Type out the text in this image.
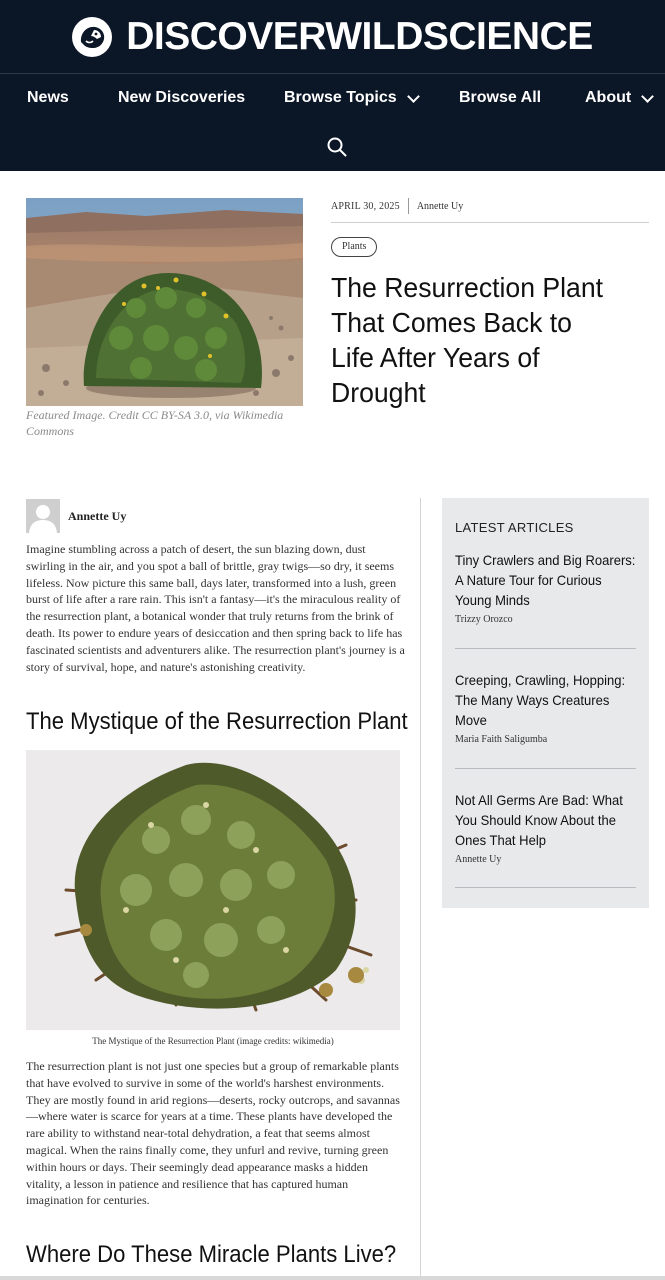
DISCOVERWILDSCIENCE
News	New Discoveries Browse Topics	Browse All	About
Featured Image. Credit CC BY-SA 3.0, via Wikimedia Commons
APRIL 30, 2025 Annette Uy
Plants
The Resurrection Plant That Comes Back to Life After Years of Drought
Annette Uy

Imagine stumbling across a patch of desert, the sun blazing down, dust swirling in the air, and you spot a ball of brittle, gray twigs—so dry, it seems lifeless. Now picture this same ball, days later, transformed into a lush, green burst of life after a rare rain. This isn't a fantasy—it's the miraculous reality of the resurrection plant, a botanical wonder that truly returns from the brink of death. Its power to endure years of desiccation and then spring back to life has fascinated scientists and adventurers alike. The resurrection plant's journey is a story of survival, hope, and nature's astonishing creativity.

The Mystique of the Resurrection Plant
The Mystique of the Resurrection Plant (image credits: wikimedia)

The resurrection plant is not just one species but a group of remarkable plants that have evolved to survive in some of the world's harshest environments. They are mostly found in arid regions—deserts, rocky outcrops, and savannas—where water is scarce for years at a time. These plants have developed the rare ability to withstand near-total dehydration, a feat that seems almost magical. When the rains finally come, they unfurl and revive, turning green within hours or days. Their seemingly dead appearance masks a hidden vitality, a lesson in patience and resilience that has captured human imagination for centuries.

Where Do These Miracle Plants Live?
LATEST ARTICLES
Tiny Crawlers and Big Roarers: A Nature Tour for Curious Young Minds
Trizzy Orozco
Creeping, Crawling, Hopping: The Many Ways Creatures Move
Maria Faith Saligumba
Not All Germs Are Bad: What You Should Know About the Ones That Help
Annette Uy
